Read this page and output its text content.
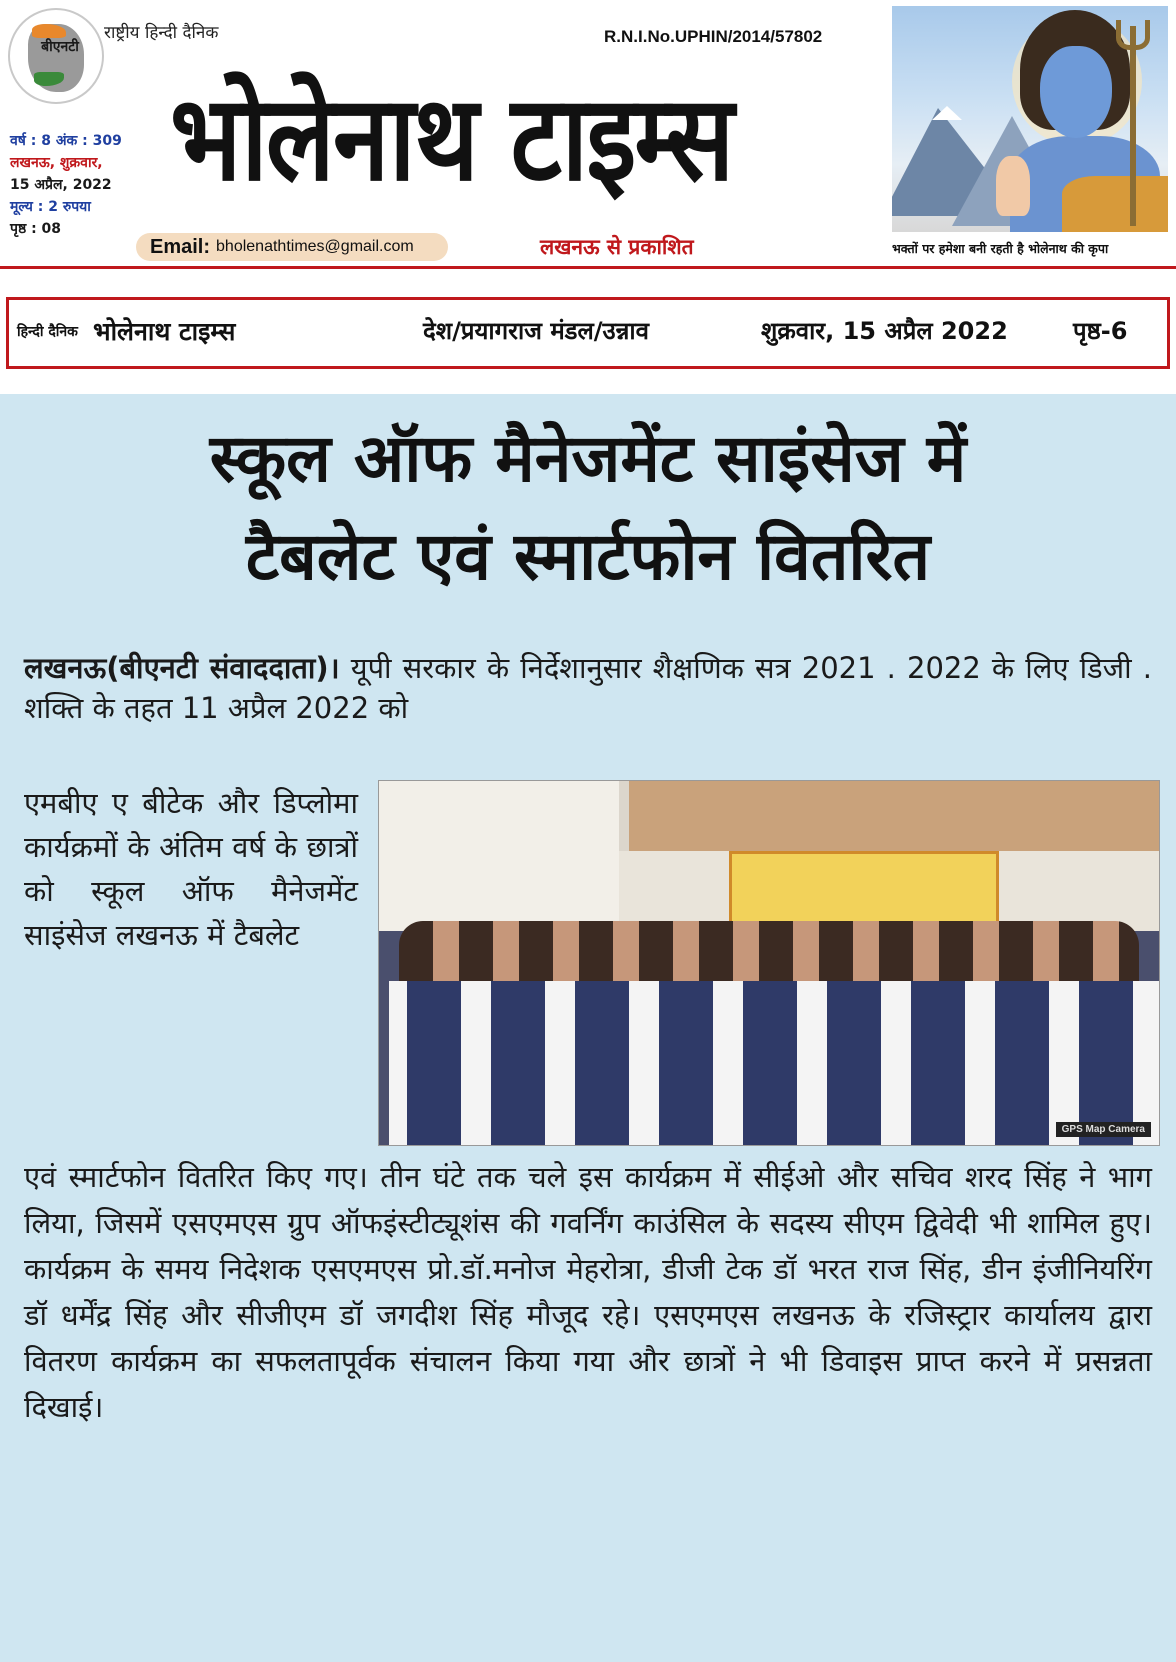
बीएनटी
राष्ट्रीय हिन्दी दैनिक	R.N.I.No.UPHIN/2014/57802
भोलेनाथ टाइम्स
वर्ष : 8 अंक : 309
लखनऊ, शुक्रवार,
15 अप्रैल, 2022
मूल्य : 2 रुपया
पृष्ठ : 08
Email: bholenathtimes@gmail.com	लखनऊ से प्रकाशित	भक्तों पर हमेशा बनी रहती है भोलेनाथ की कृपा
हिन्दी दैनिक भोलेनाथ टाइम्स	देश/प्रयागराज मंडल/उन्नाव	शुक्रवार, 15 अप्रैल 2022	पृष्ठ-6
स्कूल ऑफ मैनेजमेंट साइंसेज में
टैबलेट एवं स्मार्टफोन वितरित
लखनऊ(बीएनटी संवाददाता)। यूपी सरकार के निर्देशानुसार शैक्षणिक सत्र 2021 . 2022 के लिए डिजी . शक्ति के तहत 11 अप्रैल 2022 को
एमबीए ए बीटेक और डिप्लोमा कार्यक्रमों के अंतिम वर्ष के छात्रों को स्कूल ऑफ मैनेजमेंट साइंसेज लखनऊ में टैबलेट
GPS Map Camera
एवं स्मार्टफोन वितरित किए गए। तीन घंटे तक चले इस कार्यक्रम में सीईओ और सचिव शरद सिंह ने भाग लिया, जिसमें एसएमएस ग्रुप ऑफइंस्टीट्यूशंस की गवर्निंग काउंसिल के सदस्य सीएम द्विवेदी भी शामिल हुए।कार्यक्रम के समय निदेशक एसएमएस प्रो.डॉ.मनोज मेहरोत्रा, डीजी टेक डॉ भरत राज सिंह, डीन इंजीनियरिंग डॉ धर्मेंद्र सिंह और सीजीएम डॉ जगदीश सिंह मौजूद रहे। एसएमएस लखनऊ के रजिस्ट्रार कार्यालय द्वारा वितरण कार्यक्रम का सफलतापूर्वक संचालन किया गया और छात्रों ने भी डिवाइस प्राप्त करने में प्रसन्नता दिखाई।
